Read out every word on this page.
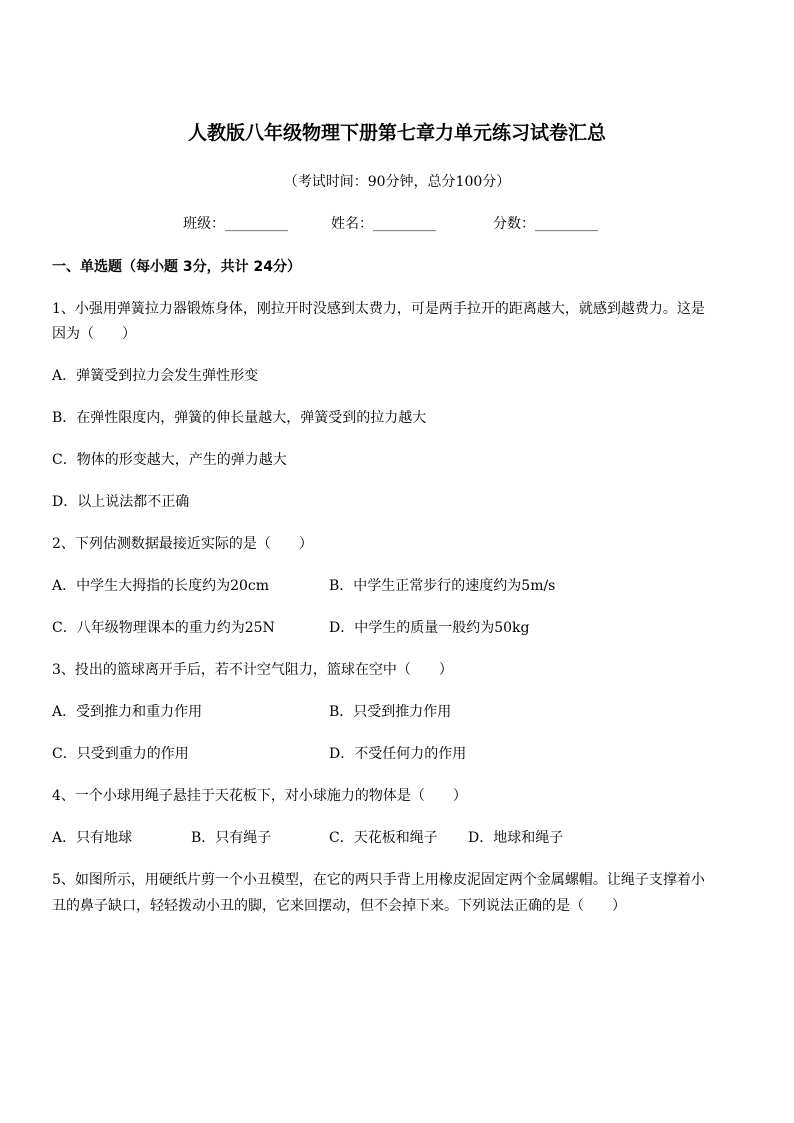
人教版八年级物理下册第七章力单元练习试卷汇总
（考试时间：90分钟，总分100分）
班级：_________	姓名：_________	分数：_________
一、单选题（每小题 3分，共计 24分）
1、小强用弹簧拉力器锻炼身体，刚拉开时没感到太费力，可是两手拉开的距离越大，就感到越费力。这是
因为（　　）
A．弹簧受到拉力会发生弹性形变
B．在弹性限度内，弹簧的伸长量越大，弹簧受到的拉力越大
C．物体的形变越大，产生的弹力越大
D．以上说法都不正确
2、下列估测数据最接近实际的是（　　）
A．中学生大拇指的长度约为20cm	B．中学生正常步行的速度约为5m/s
C．八年级物理课本的重力约为25N	D．中学生的质量一般约为50kg
3、投出的篮球离开手后，若不计空气阻力，篮球在空中（　　）
A．受到推力和重力作用	B．只受到推力作用
C．只受到重力的作用	D．不受任何力的作用
4、一个小球用绳子悬挂于天花板下，对小球施力的物体是（　　）
A．只有地球	B．只有绳子	C．天花板和绳子 D．地球和绳子
5、如图所示，用硬纸片剪一个小丑模型，在它的两只手背上用橡皮泥固定两个金属螺帽。让绳子支撑着小
丑的鼻子缺口，轻轻拨动小丑的脚，它来回摆动，但不会掉下来。下列说法正确的是（　　）
